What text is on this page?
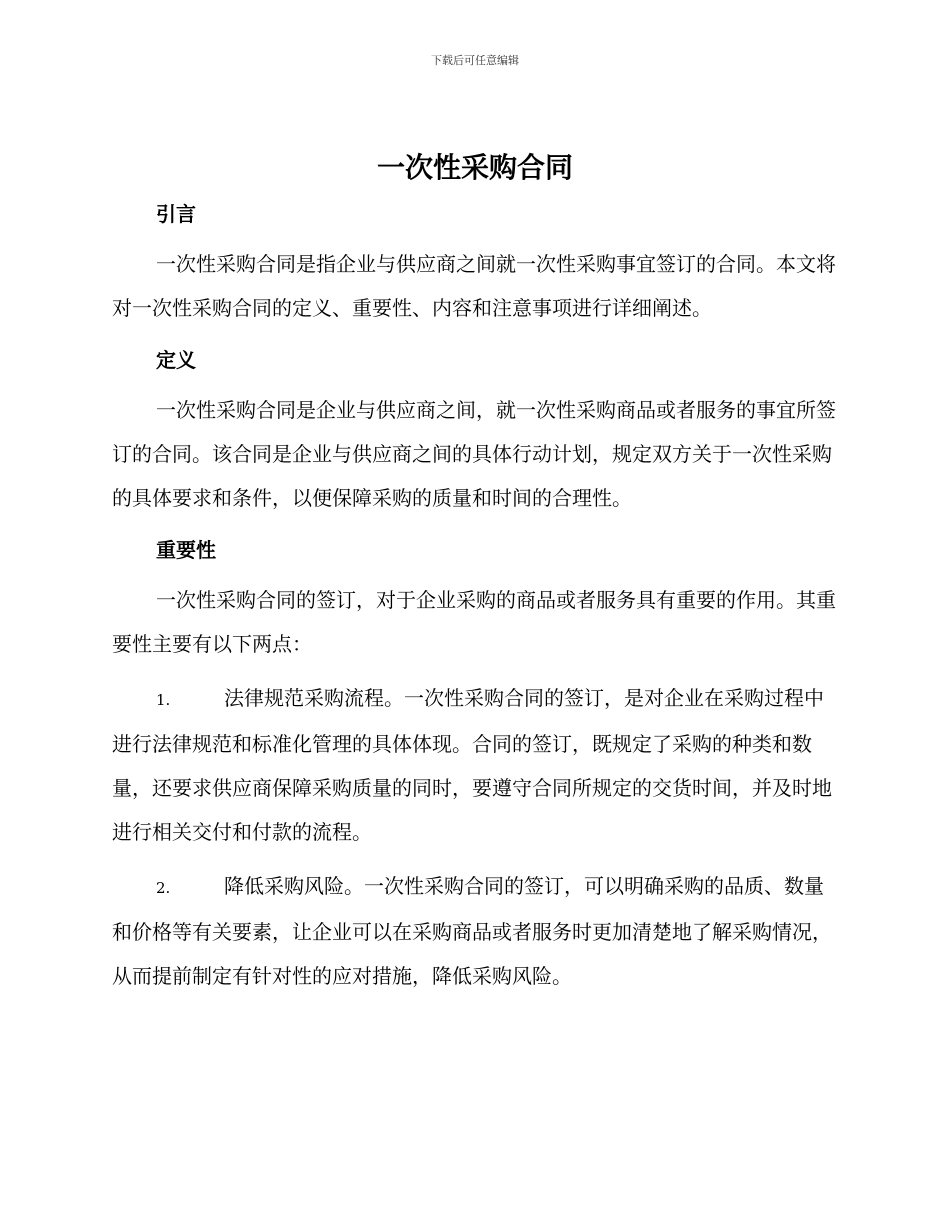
下载后可任意编辑
一次性采购合同
引言

一次性采购合同是指企业与供应商之间就一次性采购事宜签订的合同。本文将对一次性采购合同的定义、重要性、内容和注意事项进行详细阐述。

定义

一次性采购合同是企业与供应商之间，就一次性采购商品或者服务的事宜所签订的合同。该合同是企业与供应商之间的具体行动计划，规定双方关于一次性采购的具体要求和条件，以便保障采购的质量和时间的合理性。

重要性

一次性采购合同的签订，对于企业采购的商品或者服务具有重要的作用。其重要性主要有以下两点：

1.	法律规范采购流程。一次性采购合同的签订，是对企业在采购过程中进行法律规范和标准化管理的具体体现。合同的签订，既规定了采购的种类和数量，还要求供应商保障采购质量的同时，要遵守合同所规定的交货时间，并及时地进行相关交付和付款的流程。

2.	降低采购风险。一次性采购合同的签订，可以明确采购的品质、数量和价格等有关要素，让企业可以在采购商品或者服务时更加清楚地了解采购情况，从而提前制定有针对性的应对措施，降低采购风险。
